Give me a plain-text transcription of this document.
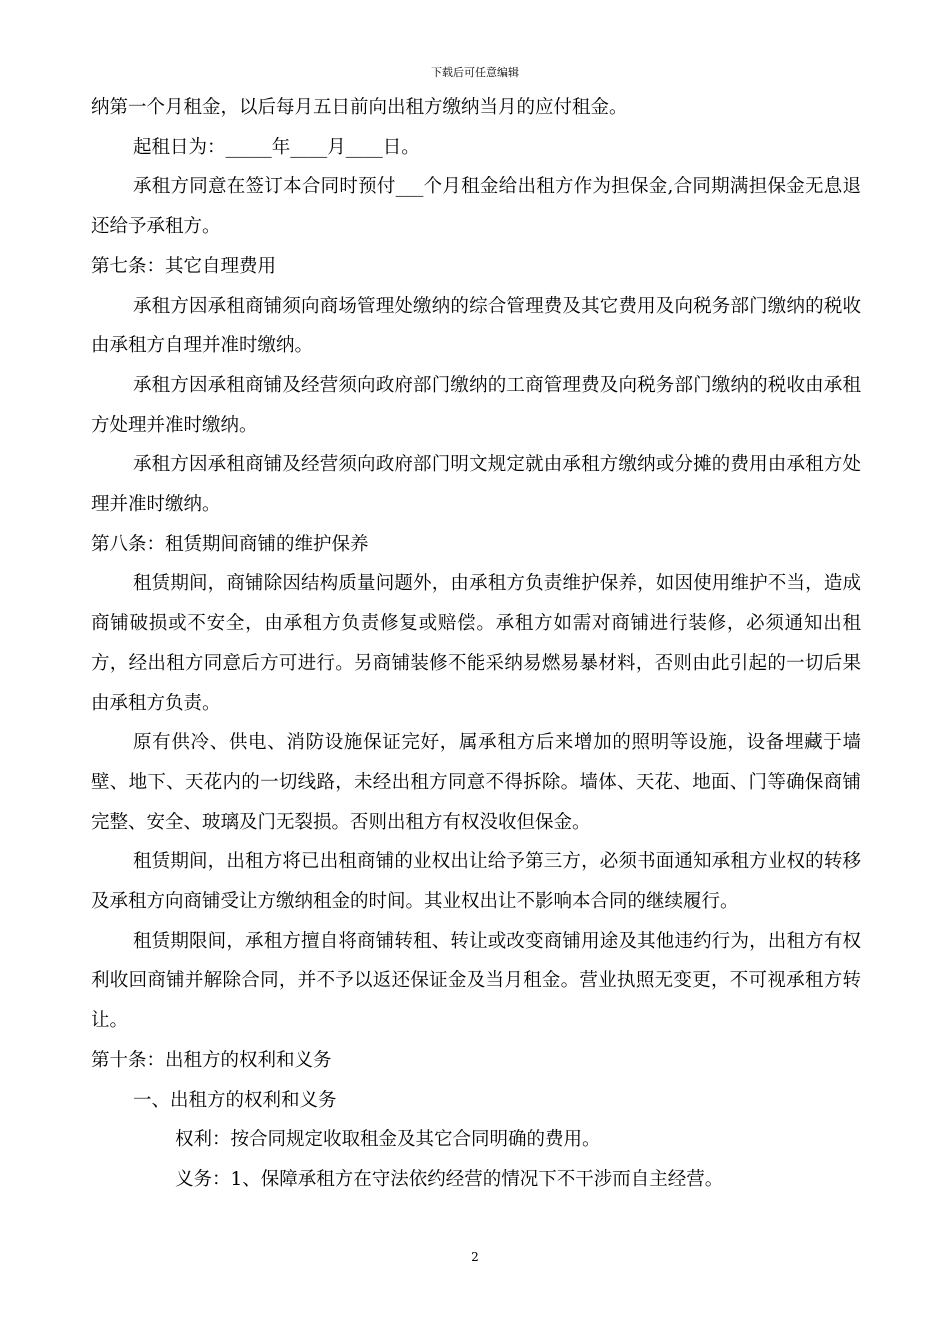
下载后可任意编辑

纳第一个月租金，以后每月五日前向出租方缴纳当月的应付租金。

起租日为：_____年____月____日。

承租方同意在签订本合同时预付___个月租金给出租方作为担保金,合同期满担保金无息退还给予承租方。

第七条：其它自理费用

承租方因承租商铺须向商场管理处缴纳的综合管理费及其它费用及向税务部门缴纳的税收由承租方自理并准时缴纳。

承租方因承租商铺及经营须向政府部门缴纳的工商管理费及向税务部门缴纳的税收由承租方处理并准时缴纳。

承租方因承租商铺及经营须向政府部门明文规定就由承租方缴纳或分摊的费用由承租方处理并准时缴纳。

第八条：租赁期间商铺的维护保养

租赁期间，商铺除因结构质量问题外，由承租方负责维护保养，如因使用维护不当，造成商铺破损或不安全，由承租方负责修复或赔偿。承租方如需对商铺进行装修，必须通知出租方，经出租方同意后方可进行。另商铺装修不能采纳易燃易暴材料，否则由此引起的一切后果由承租方负责。

原有供冷、供电、消防设施保证完好，属承租方后来增加的照明等设施，设备埋藏于墙壁、地下、天花内的一切线路，未经出租方同意不得拆除。墙体、天花、地面、门等确保商铺完整、安全、玻璃及门无裂损。否则出租方有权没收但保金。

租赁期间，出租方将已出租商铺的业权出让给予第三方，必须书面通知承租方业权的转移及承租方向商铺受让方缴纳租金的时间。其业权出让不影响本合同的继续履行。

租赁期限间，承租方擅自将商铺转租、转让或改变商铺用途及其他违约行为，出租方有权利收回商铺并解除合同，并不予以返还保证金及当月租金。营业执照无变更，不可视承租方转让。

第十条：出租方的权利和义务

一、出租方的权利和义务

权利：按合同规定收取租金及其它合同明确的费用。

义务：1、保障承租方在守法依约经营的情况下不干涉而自主经营。

2
